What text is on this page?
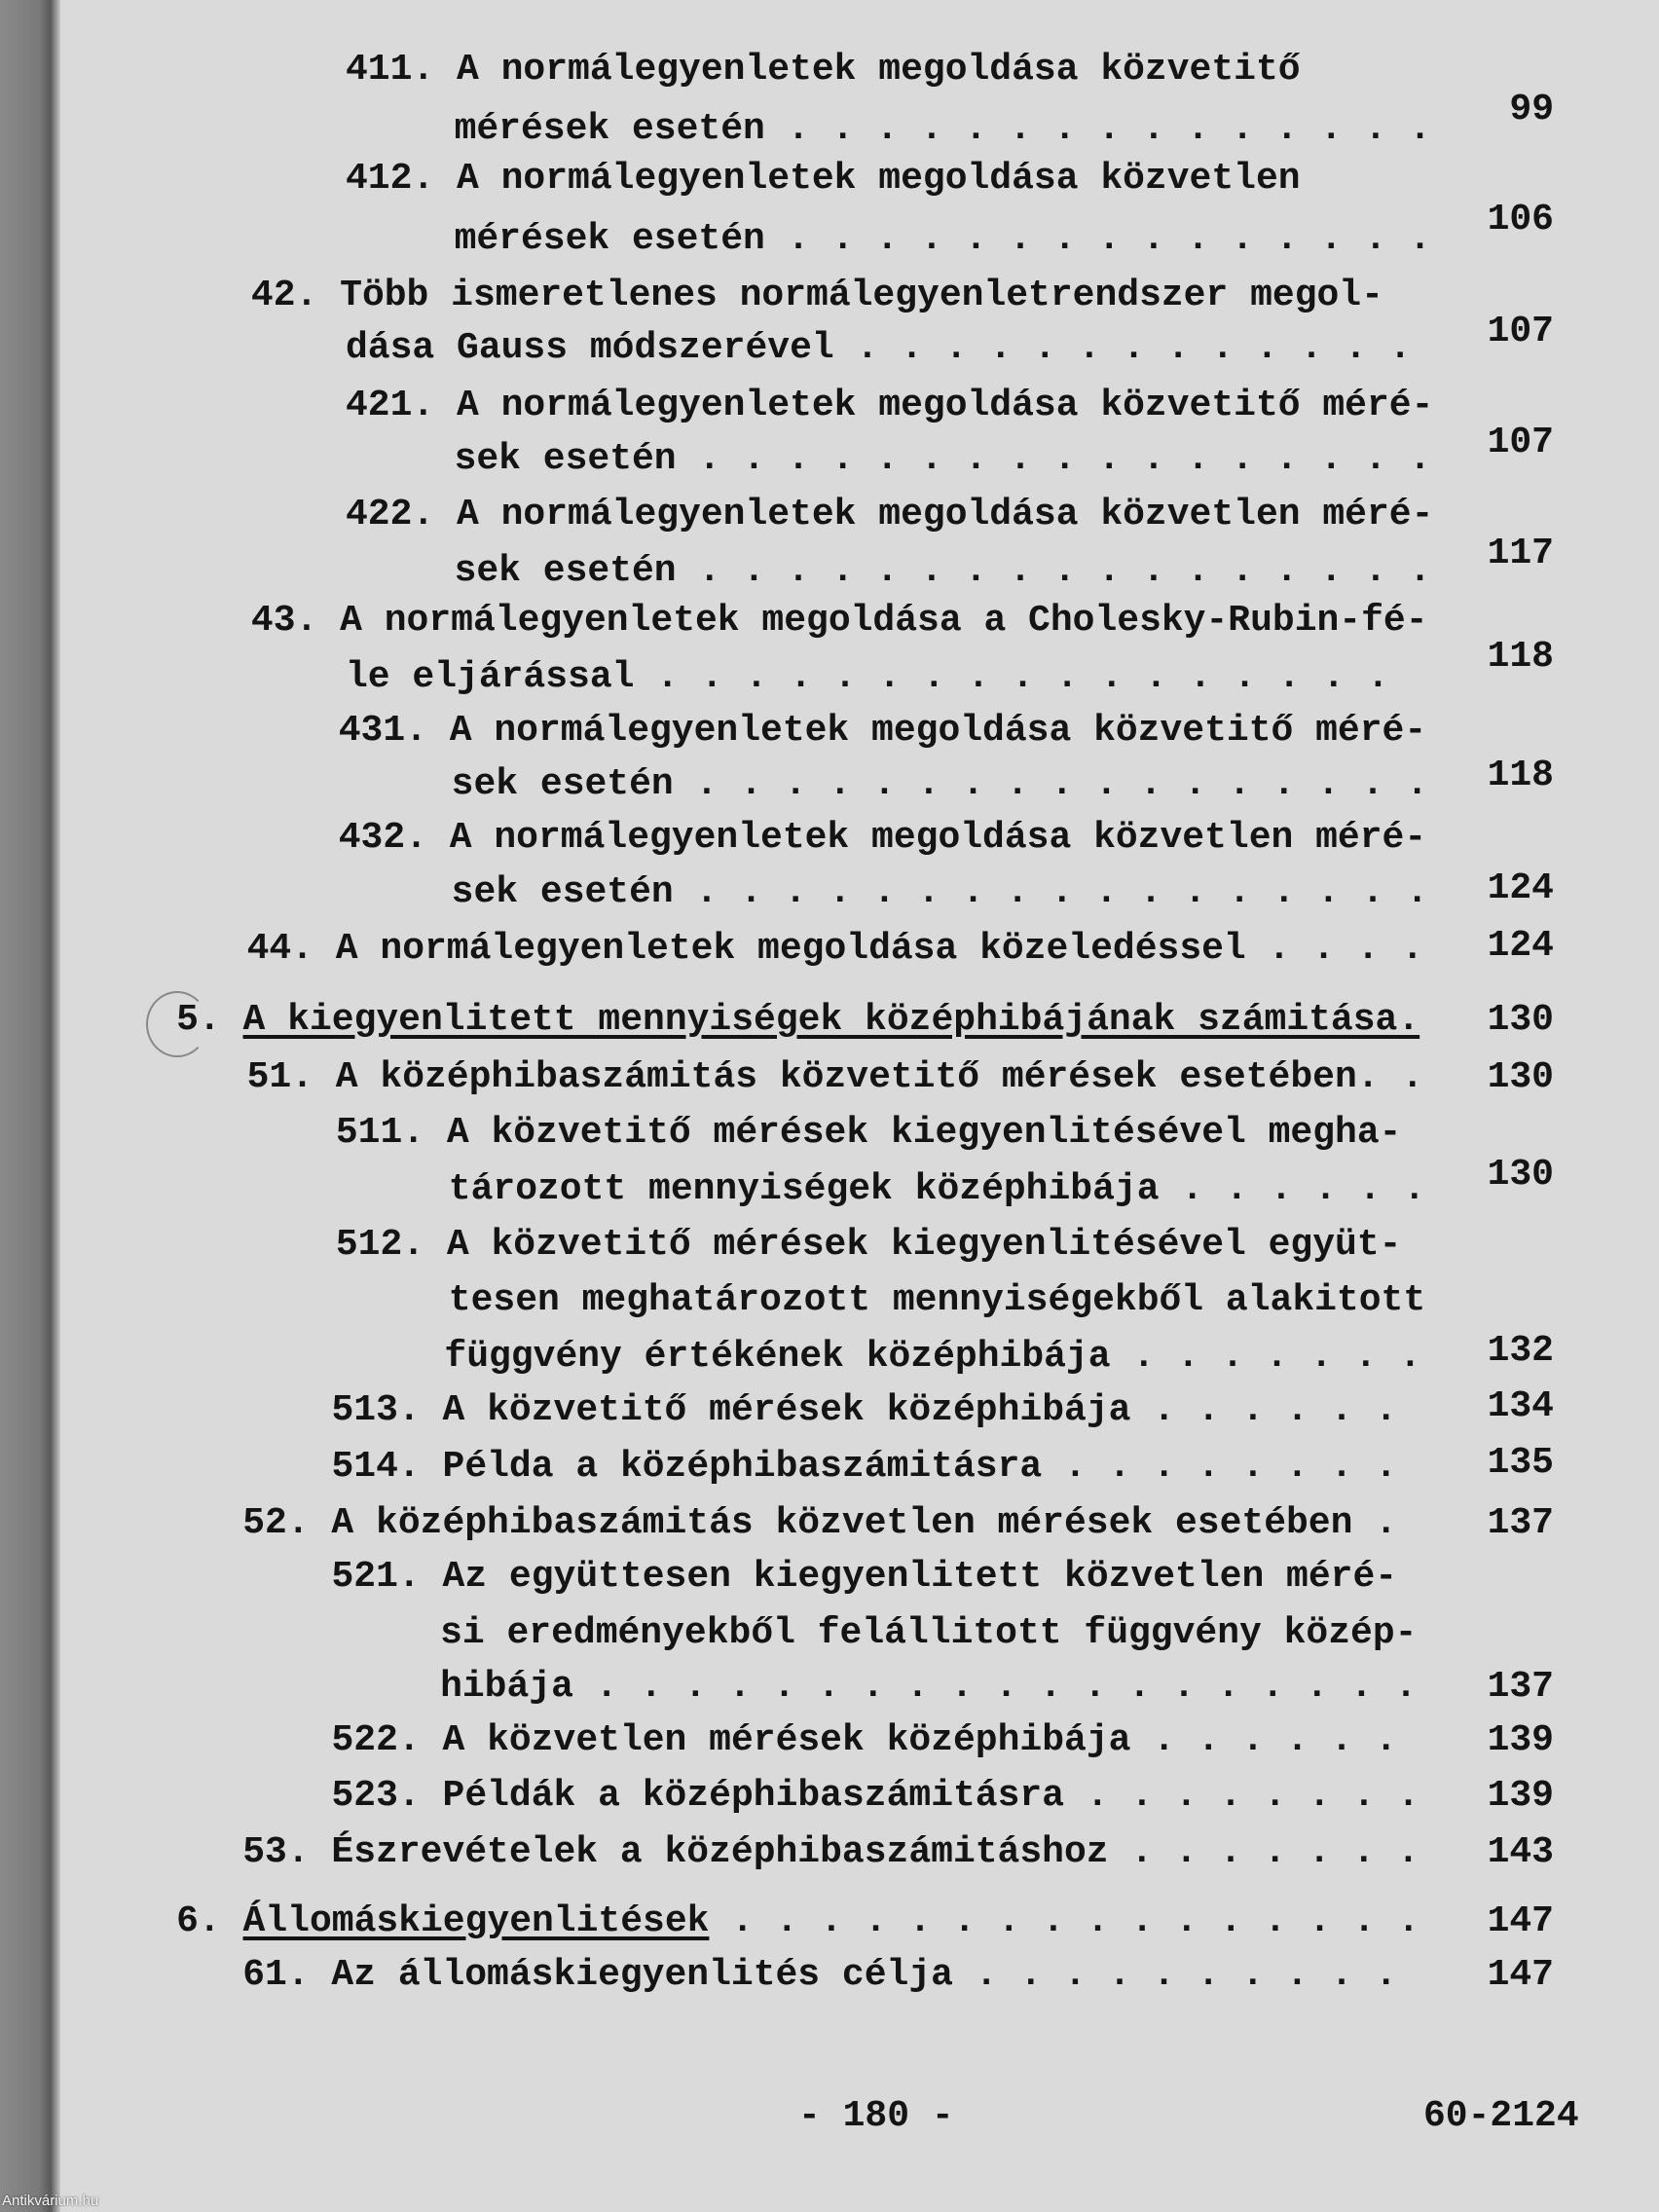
411. A normálegyenletek megoldása közvetitő
mérések esetén . . . . . . . . . . . . . . .	99
412. A normálegyenletek megoldása közvetlen
mérések esetén . . . . . . . . . . . . . . .	106
42. Több ismeretlenes normálegyenletrendszer megol-
dása Gauss módszerével . . . . . . . . . . . . .	107
421. A normálegyenletek megoldása közvetitő méré-
sek esetén . . . . . . . . . . . . . . . . .	107
422. A normálegyenletek megoldása közvetlen méré-
sek esetén . . . . . . . . . . . . . . . . .	117
43. A normálegyenletek megoldása a Cholesky-Rubin-fé-
le eljárással . . . . . . . . . . . . . . . . .	118
431. A normálegyenletek megoldása közvetitő méré-
sek esetén . . . . . . . . . . . . . . . . .	118
432. A normálegyenletek megoldása közvetlen méré-
sek esetén . . . . . . . . . . . . . . . . .	124
44. A normálegyenletek megoldása közeledéssel . . . .	124
5. A kiegyenlitett mennyiségek középhibájának számitása.	130
51. A középhibaszámitás közvetitő mérések esetében. .	130
511. A közvetitő mérések kiegyenlitésével megha-
tározott mennyiségek középhibája . . . . . .	130
512. A közvetitő mérések kiegyenlitésével együt-
tesen meghatározott mennyiségekből alakitott
függvény értékének középhibája . . . . . . .	132
513. A közvetitő mérések középhibája . . . . . .	134
514. Példa a középhibaszámitásra . . . . . . . .	135
52. A középhibaszámitás közvetlen mérések esetében .	137
521. Az együttesen kiegyenlitett közvetlen méré-
si eredményekből felállitott függvény közép-
hibája . . . . . . . . . . . . . . . . . . .	137
522. A közvetlen mérések középhibája . . . . . .	139
523. Példák a középhibaszámitásra . . . . . . . .	139
53. Észrevételek a középhibaszámitáshoz . . . . . . .	143
6. Állomáskiegyenlitések . . . . . . . . . . . . . . . .	147
61. Az állomáskiegyenlités célja . . . . . . . . . .	147
- 180 -	60-2124
Antikvárium.hu
